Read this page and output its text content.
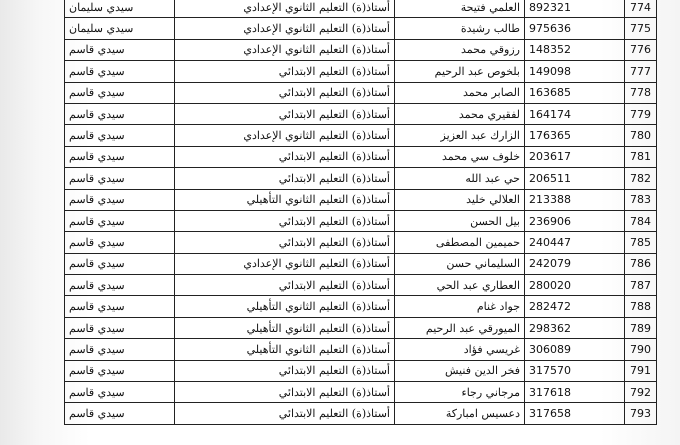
774	892321	العلمي فتيحة	أستاذ(ة) التعليم الثانوي الإعدادي	سيدي سليمان
775	975636	طالب رشيدة	أستاذ(ة) التعليم الثانوي الإعدادي	سيدي سليمان
776	148352	رزوقي محمد	أستاذ(ة) التعليم الثانوي الإعدادي	سيدي قاسم
777	149098	بلخوص عبد الرحيم	أستاذ(ة) التعليم الابتدائي	سيدي قاسم
778	163685	الصابر محمد	أستاذ(ة) التعليم الابتدائي	سيدي قاسم
779	164174	لفقيري محمد	أستاذ(ة) التعليم الابتدائي	سيدي قاسم
780	176365	الزارك عبد العزيز	أستاذ(ة) التعليم الثانوي الإعدادي	سيدي قاسم
781	203617	خلوف سي محمد	أستاذ(ة) التعليم الابتدائي	سيدي قاسم
782	206511	حي عبد الله	أستاذ(ة) التعليم الابتدائي	سيدي قاسم
783	213388	العلالي خليد	أستاذ(ة) التعليم الثانوي التأهيلي	سيدي قاسم
784	236906	بيل الحسن	أستاذ(ة) التعليم الابتدائي	سيدي قاسم
785	240447	حميمين المصطفى	أستاذ(ة) التعليم الابتدائي	سيدي قاسم
786	242079	السليماني حسن	أستاذ(ة) التعليم الثانوي الإعدادي	سيدي قاسم
787	280020	العطاري عبد الحي	أستاذ(ة) التعليم الابتدائي	سيدي قاسم
788	282472	جواد غنام	أستاذ(ة) التعليم الثانوي التأهيلي	سيدي قاسم
789	298362	الميورقي عبد الرحيم	أستاذ(ة) التعليم الثانوي التأهيلي	سيدي قاسم
790	306089	غريسي فؤاد	أستاذ(ة) التعليم الثانوي التأهيلي	سيدي قاسم
791	317570	فخر الدين فنيش	أستاذ(ة) التعليم الابتدائي	سيدي قاسم
792	317618	مرجاني رجاء	أستاذ(ة) التعليم الابتدائي	سيدي قاسم
793	317658	دعسيس امباركة	أستاذ(ة) التعليم الابتدائي	سيدي قاسم
